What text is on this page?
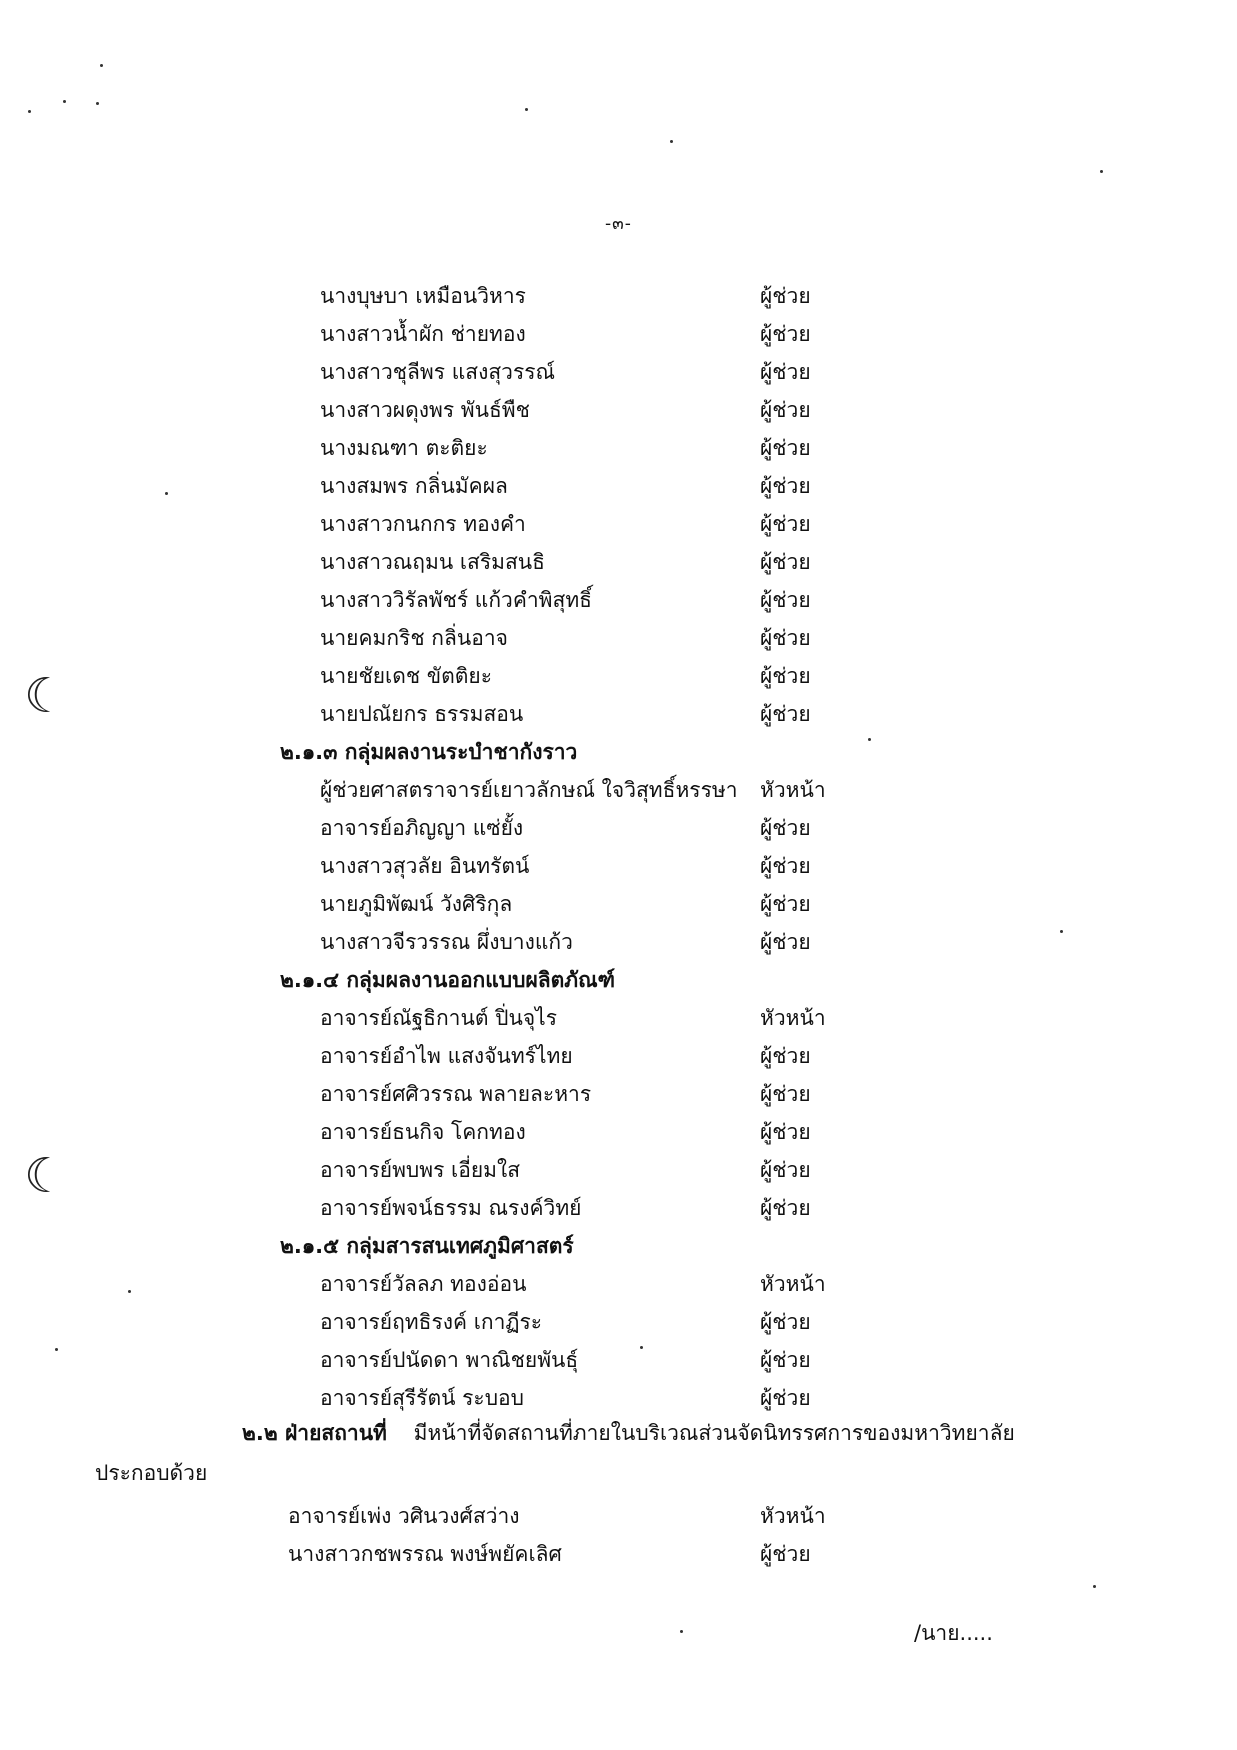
-๓-
นางบุษบา เหมือนวิหาร	ผู้ช่วย
นางสาวน้ำผัก ช่ายทอง	ผู้ช่วย
นางสาวชุลีพร แสงสุวรรณ์	ผู้ช่วย
นางสาวผดุงพร พันธ์พืช	ผู้ช่วย
นางมณฑา ตะติยะ	ผู้ช่วย
นางสมพร กลิ่นมัคผล	ผู้ช่วย
นางสาวกนกกร ทองคำ	ผู้ช่วย
นางสาวณฤมน เสริมสนธิ	ผู้ช่วย
นางสาววิรัลพัชร์ แก้วคำพิสุทธิ์	ผู้ช่วย
นายคมกริช กลิ่นอาจ	ผู้ช่วย
นายชัยเดช ขัตติยะ	ผู้ช่วย
นายปณัยกร ธรรมสอน	ผู้ช่วย
๒.๑.๓ กลุ่มผลงานระบำชากังราว
ผู้ช่วยศาสตราจารย์เยาวลักษณ์ ใจวิสุทธิ์หรรษา หัวหน้า
อาจารย์อภิญญา แซ่ยั้ง	ผู้ช่วย
นางสาวสุวลัย อินทรัตน์	ผู้ช่วย
นายภูมิพัฒน์ วังศิริกุล	ผู้ช่วย
นางสาวจีรวรรณ ผึ่งบางแก้ว	ผู้ช่วย
๒.๑.๔ กลุ่มผลงานออกแบบผลิตภัณฑ์
อาจารย์ณัฐธิกานต์ ปิ่นจุไร	หัวหน้า
อาจารย์อำไพ แสงจันทร์ไทย	ผู้ช่วย
อาจารย์ศศิวรรณ พลายละหาร	ผู้ช่วย
อาจารย์ธนกิจ โคกทอง	ผู้ช่วย
อาจารย์พบพร เอี่ยมใส	ผู้ช่วย
อาจารย์พจน์ธรรม ณรงค์วิทย์	ผู้ช่วย
๒.๑.๕ กลุ่มสารสนเทศภูมิศาสตร์
อาจารย์วัลลภ ทองอ่อน	หัวหน้า
อาจารย์ฤทธิรงค์ เกาฏีระ	ผู้ช่วย
อาจารย์ปนัดดา พาณิชยพันธุ์	ผู้ช่วย
อาจารย์สุรีรัตน์ ระบอบ	ผู้ช่วย
๒.๒ ฝ่ายสถานที่ มีหน้าที่จัดสถานที่ภายในบริเวณส่วนจัดนิทรรศการของมหาวิทยาลัย
ประกอบด้วย
อาจารย์เพ่ง วศินวงศ์สว่าง	หัวหน้า
นางสาวกชพรรณ พงษ์พยัคเลิศ	ผู้ช่วย
/นาย.....
☾
☾
